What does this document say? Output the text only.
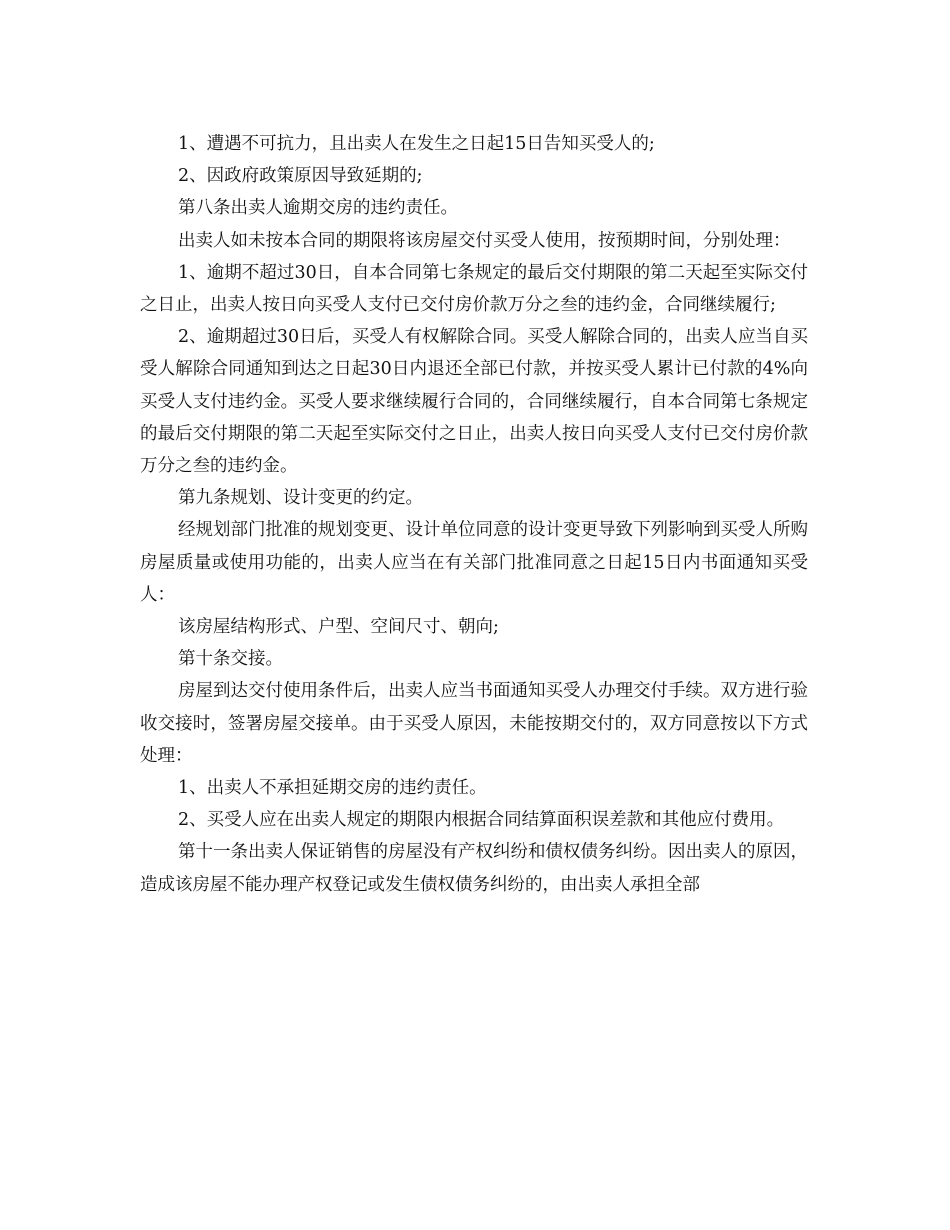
1、遭遇不可抗力，且出卖人在发生之日起15日告知买受人的;

2、因政府政策原因导致延期的;

第八条出卖人逾期交房的违约责任。

出卖人如未按本合同的期限将该房屋交付买受人使用，按预期时间，分别处理：

1、逾期不超过30日，自本合同第七条规定的最后交付期限的第二天起至实际交付之日止，出卖人按日向买受人支付已交付房价款万分之叁的违约金，合同继续履行;

2、逾期超过30日后，买受人有权解除合同。买受人解除合同的，出卖人应当自买受人解除合同通知到达之日起30日内退还全部已付款，并按买受人累计已付款的4%向买受人支付违约金。买受人要求继续履行合同的，合同继续履行，自本合同第七条规定的最后交付期限的第二天起至实际交付之日止，出卖人按日向买受人支付已交付房价款万分之叁的违约金。

第九条规划、设计变更的约定。

经规划部门批准的规划变更、设计单位同意的设计变更导致下列影响到买受人所购房屋质量或使用功能的，出卖人应当在有关部门批准同意之日起15日内书面通知买受人：

该房屋结构形式、户型、空间尺寸、朝向;

第十条交接。

房屋到达交付使用条件后，出卖人应当书面通知买受人办理交付手续。双方进行验收交接时，签署房屋交接单。由于买受人原因，未能按期交付的，双方同意按以下方式处理：

1、出卖人不承担延期交房的违约责任。

2、买受人应在出卖人规定的期限内根据合同结算面积误差款和其他应付费用。

第十一条出卖人保证销售的房屋没有产权纠纷和债权债务纠纷。因出卖人的原因，造成该房屋不能办理产权登记或发生债权债务纠纷的，由出卖人承担全部
